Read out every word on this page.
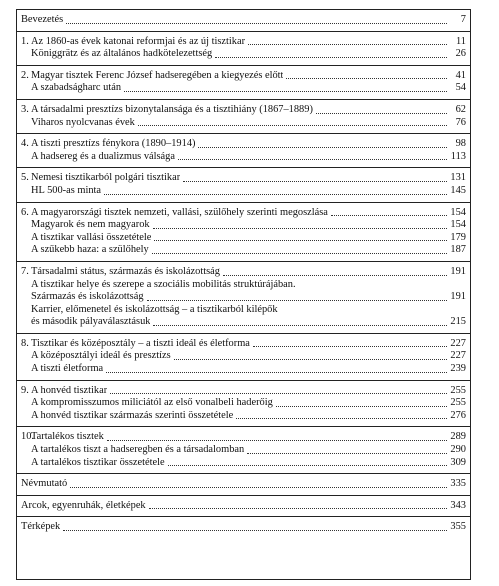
Bevezetés	7
1. Az 1860-as évek katonai reformjai és az új tisztikar	11
Königgrätz és az általános hadkötelezettség	26
2. Magyar tisztek Ferenc József hadseregében a kiegyezés előtt	41
A szabadságharc után	54
3. A társadalmi presztízs bizonytalansága és a tisztihiány (1867–1889)	62
Viharos nyolcvanas évek	76
4. A tiszti presztízs fénykora (1890–1914)	98
A hadsereg és a dualizmus válsága	113
5. Nemesi tisztikarból polgári tisztikar	131
HL 500-as minta	145
6. A magyarországi tisztek nemzeti, vallási, szülőhely szerinti megoszlása	154
Magyarok és nem magyarok	154
A tisztikar vallási összetétele	179
A szűkebb haza: a szülőhely	187
7. Társadalmi státus, származás és iskolázottság	191
A tisztikar helye és szerepe a szociális mobilitás struktúrájában.
Származás és iskolázottság	191
Karrier, előmenetel és iskolázottság – a tisztikarból kilépők
és második pályaválasztásuk	215
8. Tisztikar és középosztály – a tiszti ideál és életforma	227
A középosztályi ideál és presztízs	227
A tiszti életforma	239
9. A honvéd tisztikar	255
A kompromisszumos miliciától az első vonalbeli haderőig	255
A honvéd tisztikar származás szerinti összetétele	276
10.
Tartalékos tisztek	289
A tartalékos tiszt a hadseregben és a társadalomban	290
A tartalékos tisztikar összetétele	309
Névmutató	335
Arcok, egyenruhák, életképek	343
Térképek	355
